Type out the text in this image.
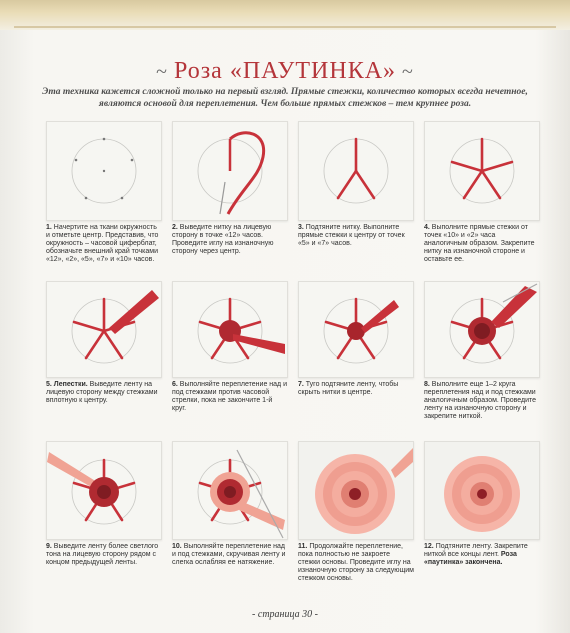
~ Роза «ПАУТИНКА» ~
Эта техника кажется сложной только на первый взгляд. Прямые стежки, количество которых всегда нечетное,
являются основой для переплетения. Чем больше прямых стежков – тем крупнее роза.
1. Начертите на ткани окружность и отметьте центр. Представив, что окружность – часовой циферблат, обозначьте внешний край точками «12», «2», «5», «7» и «10» часов.
2. Выведите нитку на лицевую сторону в точке «12» часов. Проведите иглу на изнаночную сторону через центр.
3. Подтяните нитку. Выполните прямые стежки к центру от точек «5» и «7» часов.
4. Выполните прямые стежки от точек «10» и «2» часа аналогичным образом. Закрепите нитку на изнаночной стороне и оставьте ее.
5. Лепестки. Выведите ленту на лицевую сторону между стежками вплотную к центру.
6. Выполняйте переплетение над и под стежками против часовой стрелки, пока не закончите 1-й круг.
7. Туго подтяните ленту, чтобы скрыть нитки в центре.
8. Выполните еще 1–2 круга переплетения над и под стежками аналогичным образом. Проведите ленту на изнаночную сторону и закрепите ниткой.
9. Выведите ленту более светлого тона на лицевую сторону рядом с концом предыдущей ленты.
10. Выполняйте переплетение над и под стежками, скручивая ленту и слегка ослабляя ее натяжение.
11. Продолжайте переплетение, пока полностью не закроете стежки основы. Проведите иглу на изнаночную сторону за следующим стежком основы.
12. Подтяните ленту. Закрепите ниткой все концы лент. Роза «паутинка» закончена.
- страница 30 -
